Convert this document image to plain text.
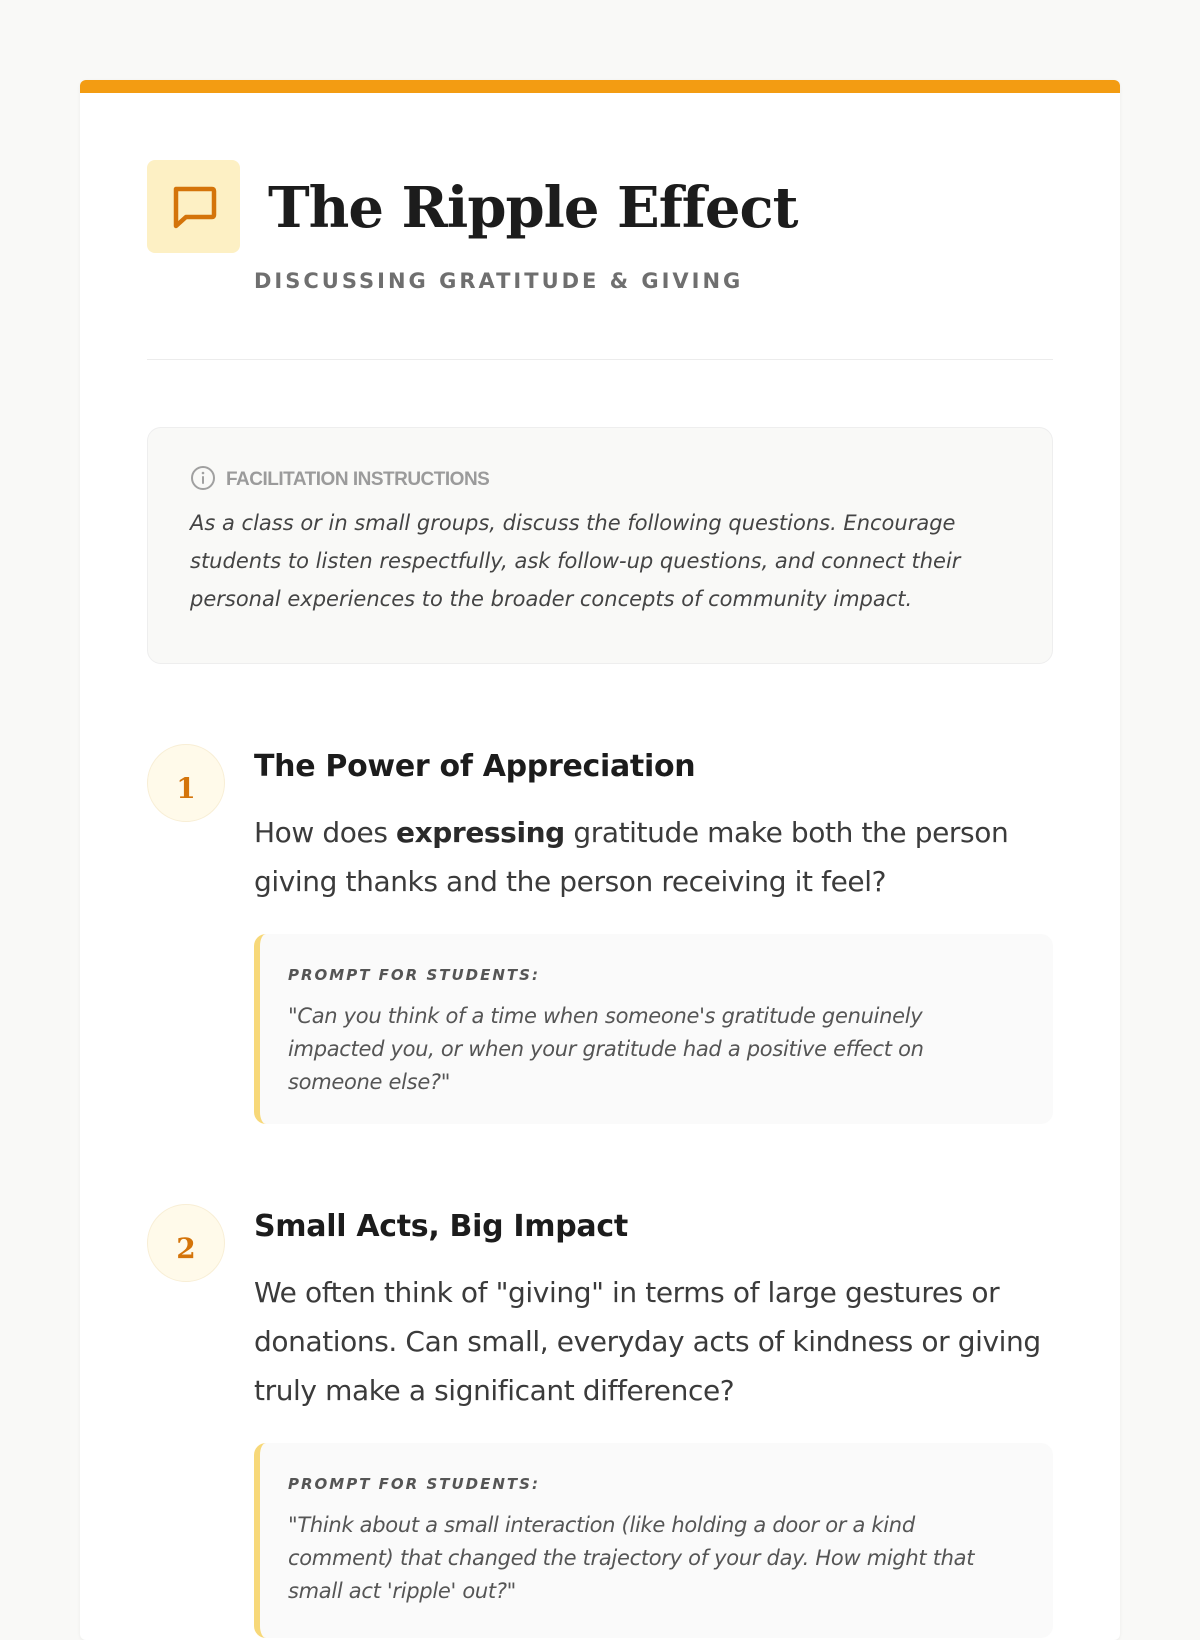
The Ripple Effect
DISCUSSING GRATITUDE & GIVING
FACILITATION INSTRUCTIONS
As a class or in small groups, discuss the following questions. Encourage students to listen respectfully, ask follow-up questions, and connect their personal experiences to the broader concepts of community impact.
1
The Power of Appreciation
How does expressing gratitude make both the person giving thanks and the person receiving it feel?
PROMPT FOR STUDENTS:
"Can you think of a time when someone's gratitude genuinely impacted you, or when your gratitude had a positive effect on someone else?"
2
Small Acts, Big Impact
We often think of "giving" in terms of large gestures or donations. Can small, everyday acts of kindness or giving truly make a significant difference?
PROMPT FOR STUDENTS:
"Think about a small interaction (like holding a door or a kind comment) that changed the trajectory of your day. How might that small act 'ripple' out?"
